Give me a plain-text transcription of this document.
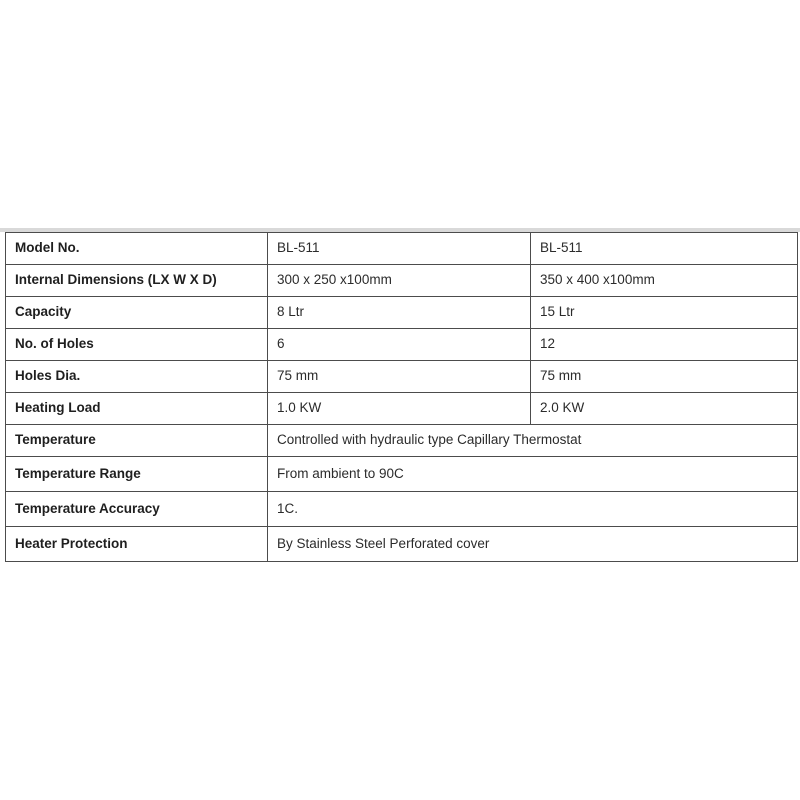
Model No.	BL-511	BL-511
Internal Dimensions (LX W X D)	300 x 250 x100mm	350 x 400 x100mm
Capacity	8 Ltr	15 Ltr
No. of Holes	6	12
Holes Dia.	75 mm	75 mm
Heating Load	1.0 KW	2.0 KW
Temperature	Controlled with hydraulic type Capillary Thermostat	
Temperature Range	From ambient to 90C	
Temperature Accuracy	1C.	
Heater Protection	By Stainless Steel Perforated cover	
